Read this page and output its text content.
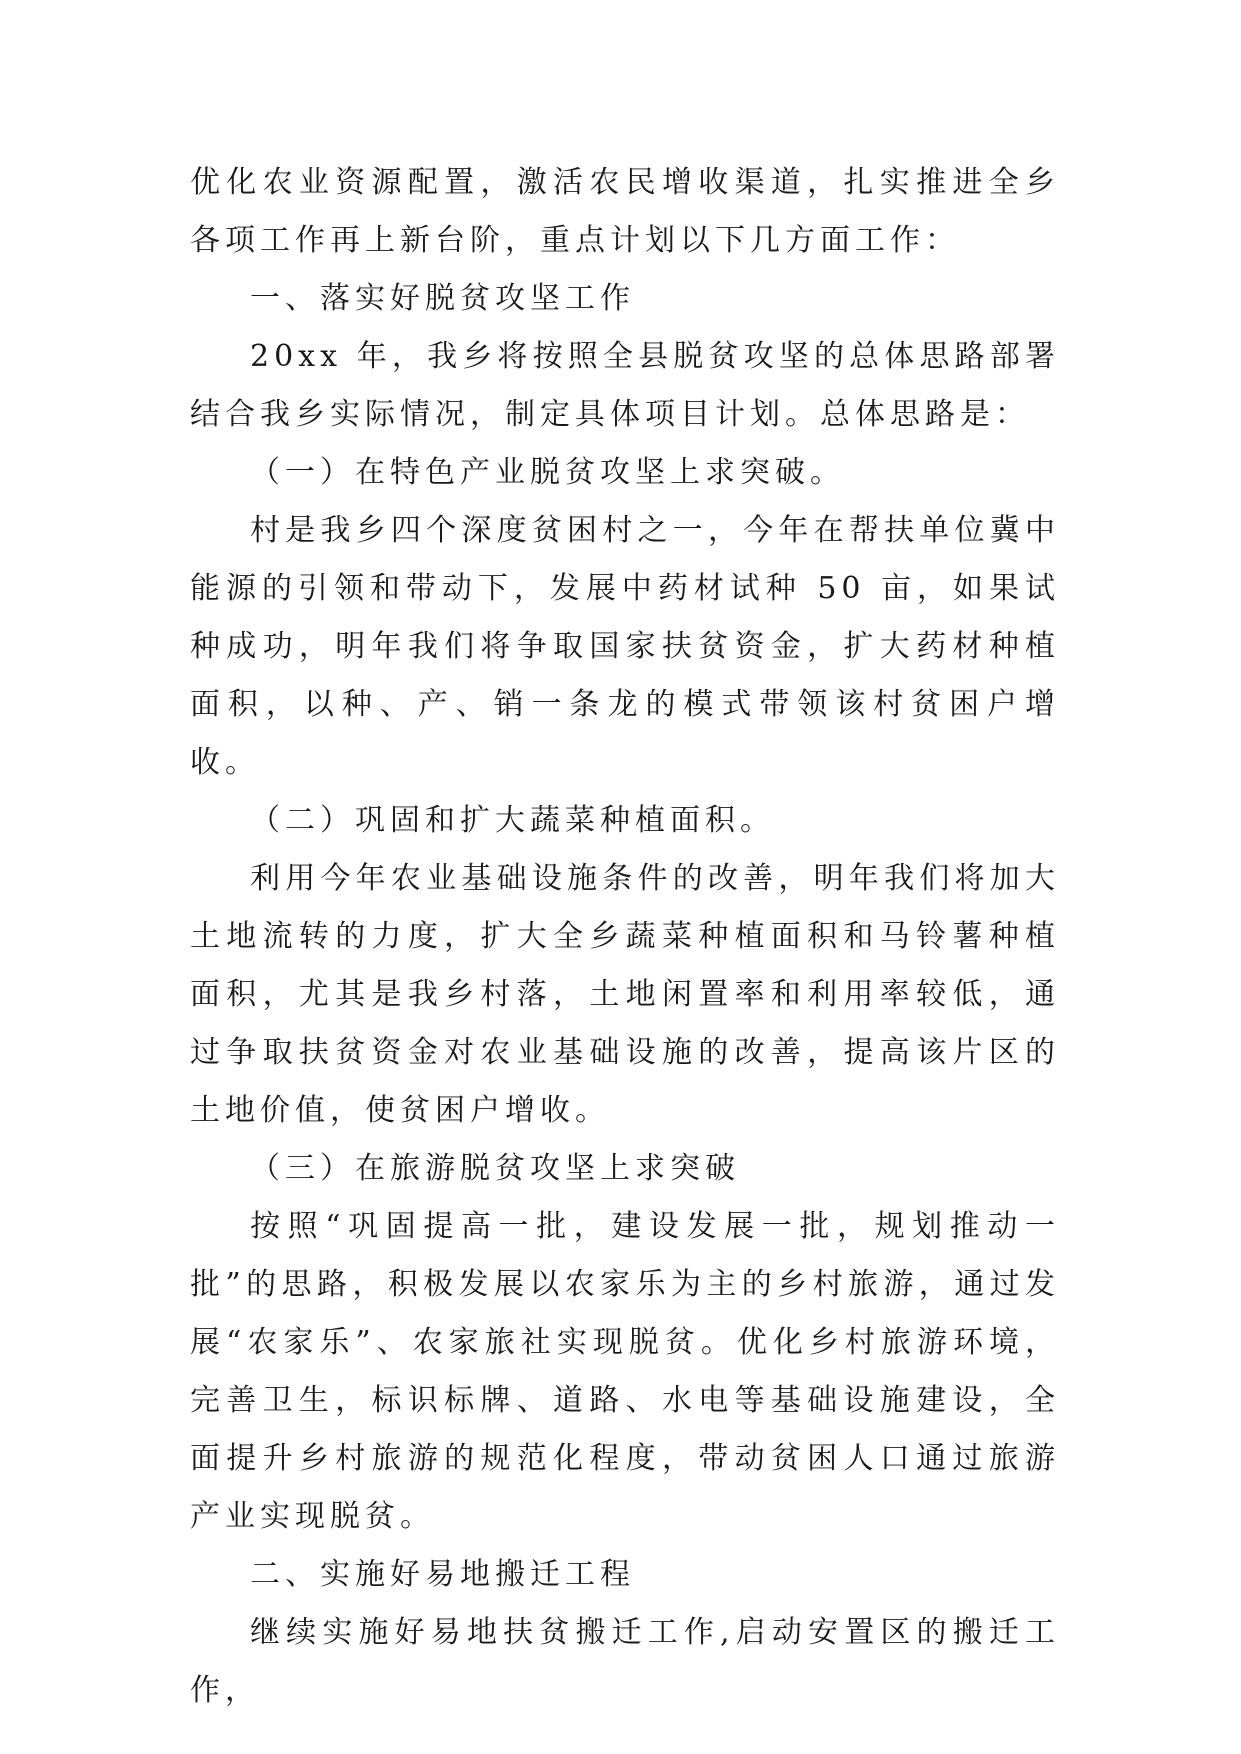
优化农业资源配置，激活农民增收渠道，扎实推进全乡各项工作再上新台阶，重点计划以下几方面工作：

一、落实好脱贫攻坚工作

20xx 年，我乡将按照全县脱贫攻坚的总体思路部署结合我乡实际情况，制定具体项目计划。总体思路是：

（一）在特色产业脱贫攻坚上求突破。

村是我乡四个深度贫困村之一，今年在帮扶单位冀中能源的引领和带动下，发展中药材试种 50 亩，如果试种成功，明年我们将争取国家扶贫资金，扩大药材种植面积，以种、产、销一条龙的模式带领该村贫困户增收。

（二）巩固和扩大蔬菜种植面积。

利用今年农业基础设施条件的改善，明年我们将加大土地流转的力度，扩大全乡蔬菜种植面积和马铃薯种植面积，尤其是我乡村落，土地闲置率和利用率较低，通过争取扶贫资金对农业基础设施的改善，提高该片区的土地价值，使贫困户增收。

（三）在旅游脱贫攻坚上求突破

按照“巩固提高一批，建设发展一批，规划推动一批”的思路，积极发展以农家乐为主的乡村旅游，通过发展“农家乐”、农家旅社实现脱贫。优化乡村旅游环境，完善卫生，标识标牌、道路、水电等基础设施建设，全面提升乡村旅游的规范化程度，带动贫困人口通过旅游产业实现脱贫。

二、实施好易地搬迁工程

继续实施好易地扶贫搬迁工作,启动安置区的搬迁工作，
